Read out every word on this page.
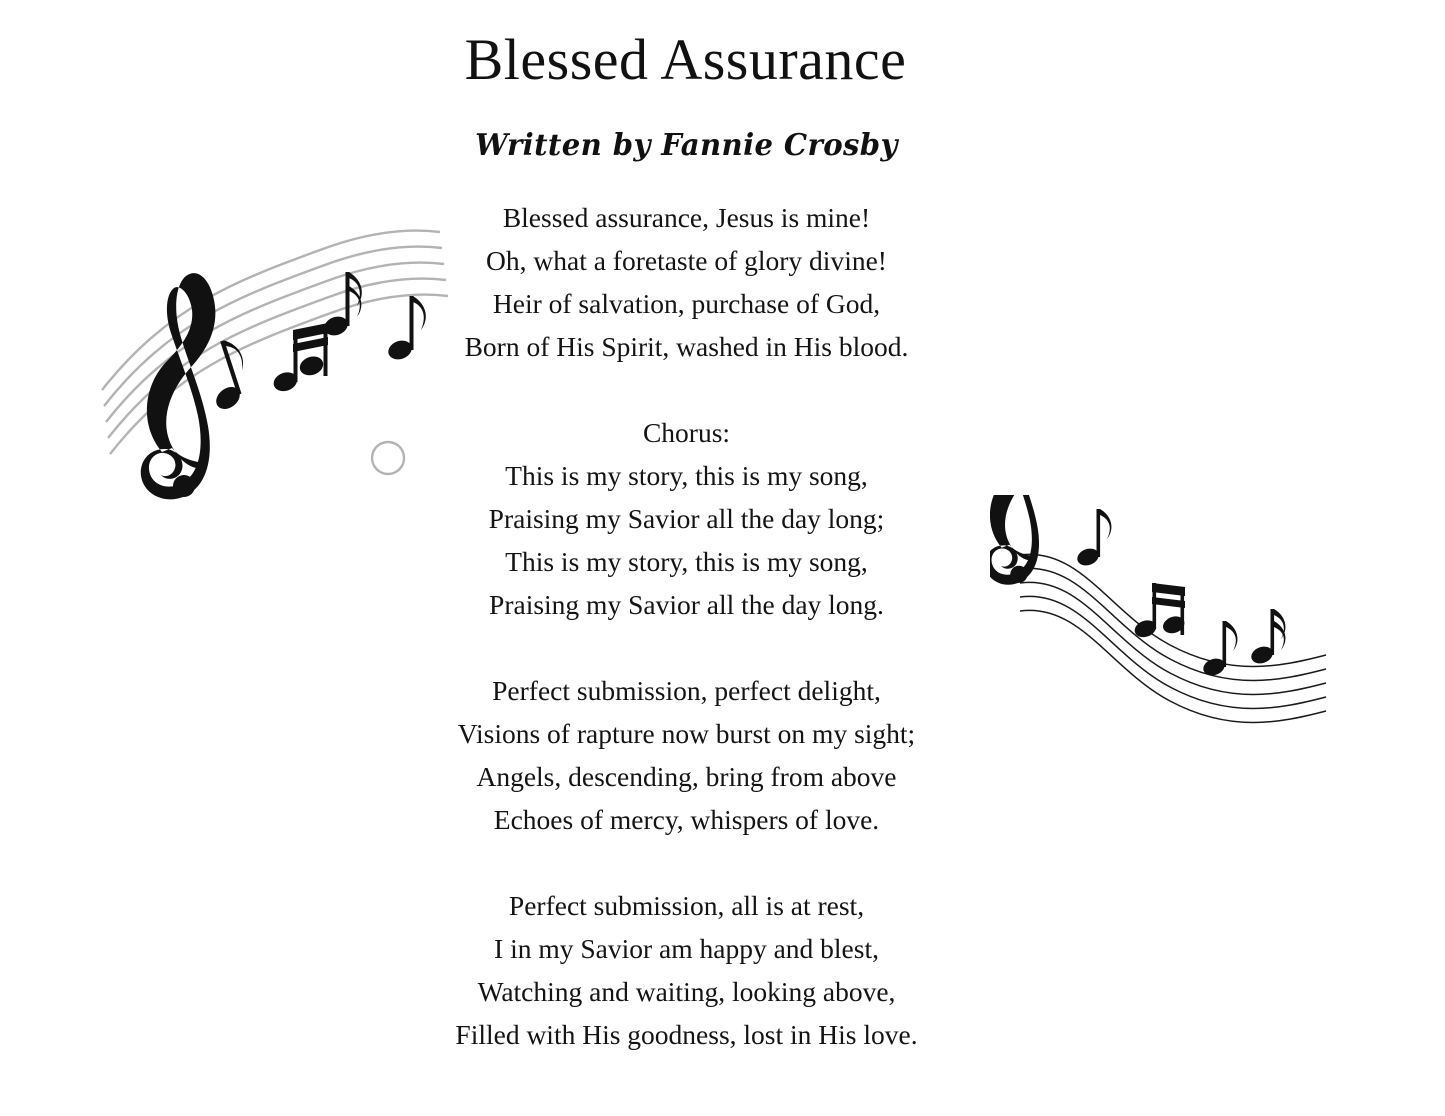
Blessed Assurance
Written by Fannie Crosby
Blessed assurance, Jesus is mine!
Oh, what a foretaste of glory divine!
Heir of salvation, purchase of God,
Born of His Spirit, washed in His blood.
Chorus:
This is my story, this is my song,
Praising my Savior all the day long;
This is my story, this is my song,
Praising my Savior all the day long.
Perfect submission, perfect delight,
Visions of rapture now burst on my sight;
Angels, descending, bring from above
Echoes of mercy, whispers of love.
Perfect submission, all is at rest,
I in my Savior am happy and blest,
Watching and waiting, looking above,
Filled with His goodness, lost in His love.
